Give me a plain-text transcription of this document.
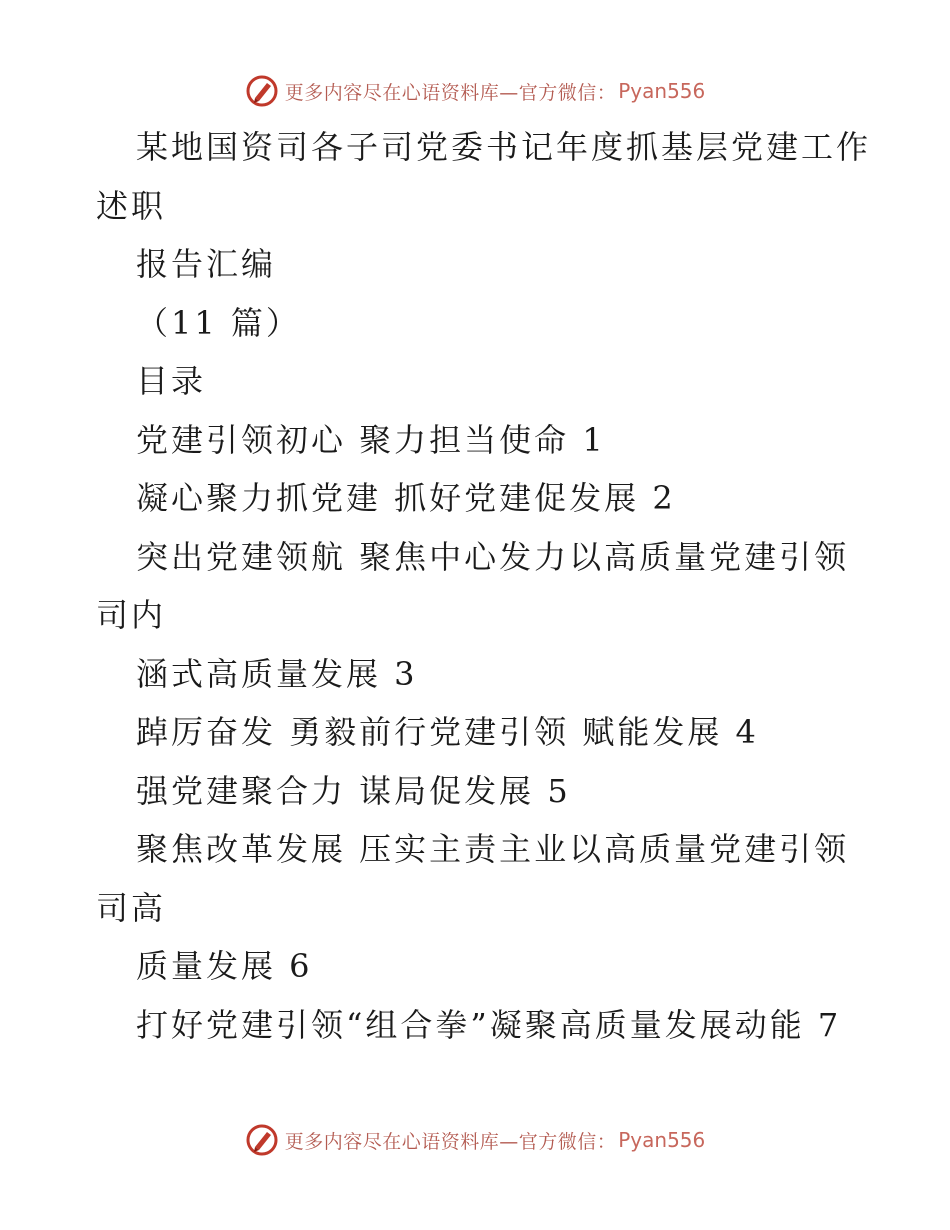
更多内容尽在心语资料库—官方微信： Pyan556
某地国资司各子司党委书记年度抓基层党建工作
述职
报告汇编
（11 篇）
目录
党建引领初心 聚力担当使命 1
凝心聚力抓党建 抓好党建促发展 2
突出党建领航 聚焦中心发力以高质量党建引领
司内
涵式高质量发展 3
踔厉奋发 勇毅前行党建引领 赋能发展 4
强党建聚合力 谋局促发展 5
聚焦改革发展 压实主责主业以高质量党建引领
司高
质量发展 6
打好党建引领“组合拳”凝聚高质量发展动能 7
更多内容尽在心语资料库—官方微信： Pyan556
